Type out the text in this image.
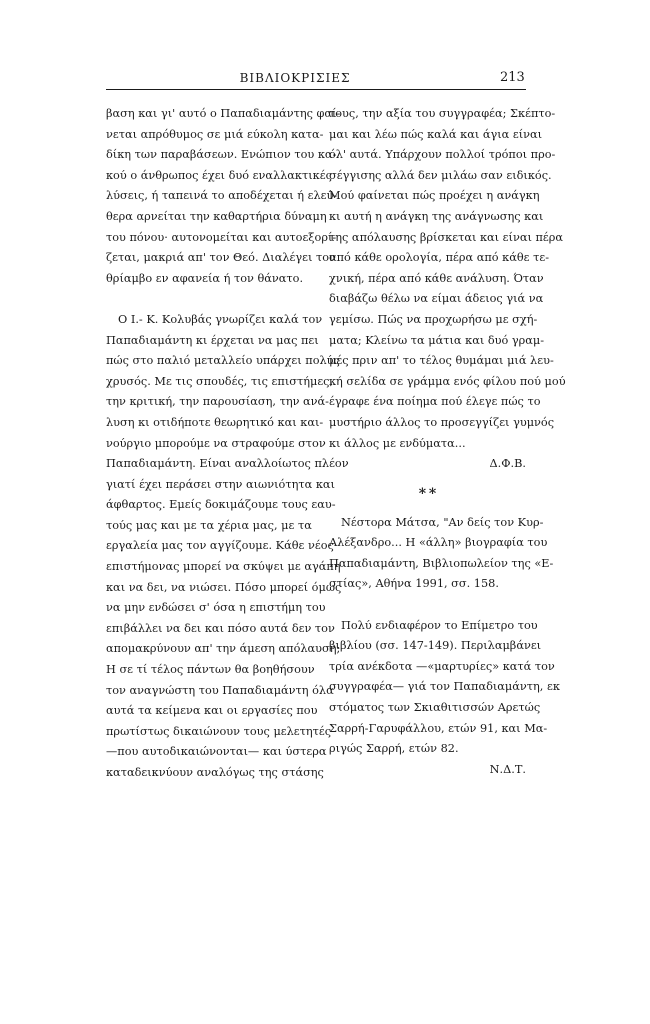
ΒΙΒΛΙΟΚΡΙΣΙΕΣ	213
βαση και γι' αυτό ο Παπαδιαμάντης φαί-
νεται απρόθυμος σε μιά εύκολη κατα-
δίκη των παραβάσεων. Ενώπιον του κα-
κού ο άνθρωπος έχει δυό εναλλακτικές
λύσεις, ή ταπεινά το αποδέχεται ή ελεύ-
θερα αρνείται την καθαρτήρια δύναμη
του πόνου· αυτονομείται και αυτοεξορί-
ζεται, μακριά απ' τον Θεό. Διαλέγει τον
θρίαμβο εν αφανεία ή τον θάνατο.
Ο Ι.- Κ. Κολυβάς γνωρίζει καλά τον
Παπαδιαμάντη κι έρχεται να μας πει
πώς στο παλιό μεταλλείο υπάρχει πολύς
χρυσός. Με τις σπουδές, τις επιστήμες,
την κριτική, την παρουσίαση, την ανά-
λυση κι οτιδήποτε θεωρητικό και και-
νούργιο μπορούμε να στραφούμε στον
Παπαδιαμάντη. Είναι αναλλοίωτος πλέον
γιατί έχει περάσει στην αιωνιότητα και
άφθαρτος. Εμείς δοκιμάζουμε τους εαυ-
τούς μας και με τα χέρια μας, με τα
εργαλεία μας τον αγγίζουμε. Κάθε νέος
επιστήμονας μπορεί να σκύψει με αγάπη
και να δει, να νιώσει. Πόσο μπορεί όμως
να μην ενδώσει σ' όσα η επιστήμη του
επιβάλλει να δει και πόσο αυτά δεν τον
απομακρύνουν απ' την άμεση απόλαυση;
Η σε τί τέλος πάντων θα βοηθήσουν
τον αναγνώστη του Παπαδιαμάντη όλα
αυτά τα κείμενα και οι εργασίες που
πρωτίστως δικαιώνουν τους μελετητές
—που αυτοδικαιώνονται— και ύστερα
καταδεικνύουν αναλόγως της στάσης
τους, την αξία του συγγραφέα; Σκέπτο-
μαι και λέω πώς καλά και άγια είναι
όλ' αυτά. Υπάρχουν πολλοί τρόποι προ-
σέγγισης αλλά δεν μιλάω σαν ειδικός.
Μού φαίνεται πώς προέχει η ανάγκη
κι αυτή η ανάγκη της ανάγνωσης και
της απόλαυσης βρίσκεται και είναι πέρα
από κάθε ορολογία, πέρα από κάθε τε-
χνική, πέρα από κάθε ανάλυση. Όταν
διαβάζω θέλω να είμαι άδειος γιά να
γεμίσω. Πώς να προχωρήσω με σχή-
ματα; Κλείνω τα μάτια και δυό γραμ-
μές πριν απ' το τέλος θυμάμαι μιά λευ-
κή σελίδα σε γράμμα ενός φίλου πού μού
έγραφε ένα ποίημα πού έλεγε πώς το
μυστήριο άλλος το προσεγγίζει γυμνός
κι άλλος με ενδύματα...
Δ.Φ.Β.
* *
Νέστορα Μάτσα, "Αν δείς τον Κυρ-
Αλέξανδρο... Η «άλλη» βιογραφία του
Παπαδιαμάντη, Βιβλιοπωλείον της «Ε-
στίας», Αθήνα 1991, σσ. 158.
Πολύ ενδιαφέρον το Επίμετρο του
βιβλίου (σσ. 147-149). Περιλαμβάνει
τρία ανέκδοτα —«μαρτυρίες» κατά τον
συγγραφέα— γιά τον Παπαδιαμάντη, εκ
στόματος των Σκιαθιτισσών Αρετώς
Σαρρή-Γαρυφάλλου, ετών 91, και Μα-
ριγώς Σαρρή, ετών 82.
Ν.Δ.Τ.
